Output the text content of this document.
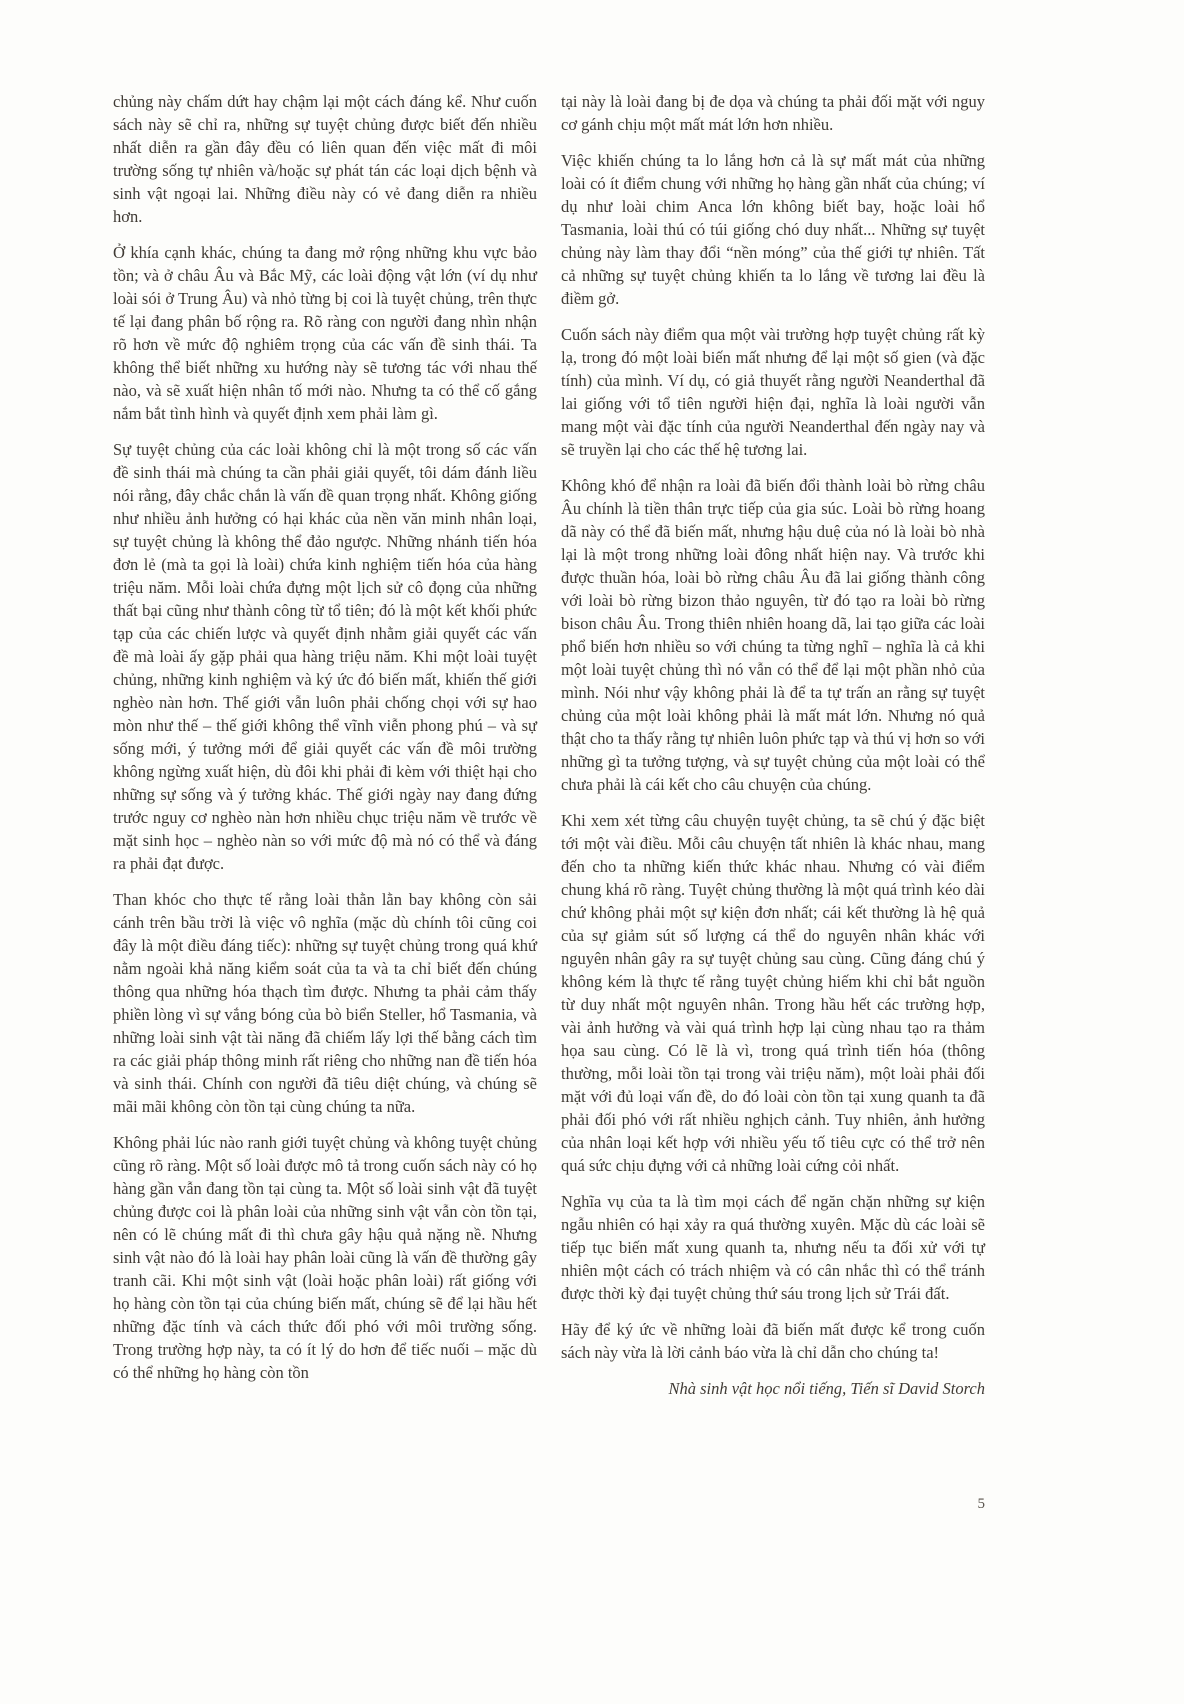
chủng này chấm dứt hay chậm lại một cách đáng kể. Như cuốn sách này sẽ chỉ ra, những sự tuyệt chủng được biết đến nhiều nhất diễn ra gần đây đều có liên quan đến việc mất đi môi trường sống tự nhiên và/hoặc sự phát tán các loại dịch bệnh và sinh vật ngoại lai. Những điều này có vẻ đang diễn ra nhiều hơn.

Ở khía cạnh khác, chúng ta đang mở rộng những khu vực bảo tồn; và ở châu Âu và Bắc Mỹ, các loài động vật lớn (ví dụ như loài sói ở Trung Âu) và nhỏ từng bị coi là tuyệt chủng, trên thực tế lại đang phân bố rộng ra. Rõ ràng con người đang nhìn nhận rõ hơn về mức độ nghiêm trọng của các vấn đề sinh thái. Ta không thể biết những xu hướng này sẽ tương tác với nhau thế nào, và sẽ xuất hiện nhân tố mới nào. Nhưng ta có thể cố gắng nắm bắt tình hình và quyết định xem phải làm gì.

Sự tuyệt chủng của các loài không chỉ là một trong số các vấn đề sinh thái mà chúng ta cần phải giải quyết, tôi dám đánh liều nói rằng, đây chắc chắn là vấn đề quan trọng nhất. Không giống như nhiều ảnh hưởng có hại khác của nền văn minh nhân loại, sự tuyệt chủng là không thể đảo ngược. Những nhánh tiến hóa đơn lẻ (mà ta gọi là loài) chứa kinh nghiệm tiến hóa của hàng triệu năm. Mỗi loài chứa đựng một lịch sử cô đọng của những thất bại cũng như thành công từ tổ tiên; đó là một kết khối phức tạp của các chiến lược và quyết định nhằm giải quyết các vấn đề mà loài ấy gặp phải qua hàng triệu năm. Khi một loài tuyệt chủng, những kinh nghiệm và ký ức đó biến mất, khiến thế giới nghèo nàn hơn. Thế giới vẫn luôn phải chống chọi với sự hao mòn như thế – thế giới không thể vĩnh viễn phong phú – và sự sống mới, ý tưởng mới để giải quyết các vấn đề môi trường không ngừng xuất hiện, dù đôi khi phải đi kèm với thiệt hại cho những sự sống và ý tưởng khác. Thế giới ngày nay đang đứng trước nguy cơ nghèo nàn hơn nhiều chục triệu năm về trước về mặt sinh học – nghèo nàn so với mức độ mà nó có thể và đáng ra phải đạt được.

Than khóc cho thực tế rằng loài thằn lằn bay không còn sải cánh trên bầu trời là việc vô nghĩa (mặc dù chính tôi cũng coi đây là một điều đáng tiếc): những sự tuyệt chủng trong quá khứ nằm ngoài khả năng kiểm soát của ta và ta chỉ biết đến chúng thông qua những hóa thạch tìm được. Nhưng ta phải cảm thấy phiền lòng vì sự vắng bóng của bò biển Steller, hổ Tasmania, và những loài sinh vật tài năng đã chiếm lấy lợi thế bằng cách tìm ra các giải pháp thông minh rất riêng cho những nan đề tiến hóa và sinh thái. Chính con người đã tiêu diệt chúng, và chúng sẽ mãi mãi không còn tồn tại cùng chúng ta nữa.

Không phải lúc nào ranh giới tuyệt chủng và không tuyệt chủng cũng rõ ràng. Một số loài được mô tả trong cuốn sách này có họ hàng gần vẫn đang tồn tại cùng ta. Một số loài sinh vật đã tuyệt chủng được coi là phân loài của những sinh vật vẫn còn tồn tại, nên có lẽ chúng mất đi thì chưa gây hậu quả nặng nề. Nhưng sinh vật nào đó là loài hay phân loài cũng là vấn đề thường gây tranh cãi. Khi một sinh vật (loài hoặc phân loài) rất giống với họ hàng còn tồn tại của chúng biến mất, chúng sẽ để lại hầu hết những đặc tính và cách thức đối phó với môi trường sống. Trong trường hợp này, ta có ít lý do hơn để tiếc nuối – mặc dù có thể những họ hàng còn tồn

tại này là loài đang bị đe dọa và chúng ta phải đối mặt với nguy cơ gánh chịu một mất mát lớn hơn nhiều.

Việc khiến chúng ta lo lắng hơn cả là sự mất mát của những loài có ít điểm chung với những họ hàng gần nhất của chúng; ví dụ như loài chim Anca lớn không biết bay, hoặc loài hổ Tasmania, loài thú có túi giống chó duy nhất... Những sự tuyệt chủng này làm thay đổi “nền móng” của thế giới tự nhiên. Tất cả những sự tuyệt chủng khiến ta lo lắng về tương lai đều là điềm gở.

Cuốn sách này điểm qua một vài trường hợp tuyệt chủng rất kỳ lạ, trong đó một loài biến mất nhưng để lại một số gien (và đặc tính) của mình. Ví dụ, có giả thuyết rằng người Neanderthal đã lai giống với tổ tiên người hiện đại, nghĩa là loài người vẫn mang một vài đặc tính của người Neanderthal đến ngày nay và sẽ truyền lại cho các thế hệ tương lai.

Không khó để nhận ra loài đã biến đổi thành loài bò rừng châu Âu chính là tiền thân trực tiếp của gia súc. Loài bò rừng hoang dã này có thể đã biến mất, nhưng hậu duệ của nó là loài bò nhà lại là một trong những loài đông nhất hiện nay. Và trước khi được thuần hóa, loài bò rừng châu Âu đã lai giống thành công với loài bò rừng bizon thảo nguyên, từ đó tạo ra loài bò rừng bison châu Âu. Trong thiên nhiên hoang dã, lai tạo giữa các loài phổ biến hơn nhiều so với chúng ta từng nghĩ – nghĩa là cả khi một loài tuyệt chủng thì nó vẫn có thể để lại một phần nhỏ của mình. Nói như vậy không phải là để ta tự trấn an rằng sự tuyệt chủng của một loài không phải là mất mát lớn. Nhưng nó quả thật cho ta thấy rằng tự nhiên luôn phức tạp và thú vị hơn so với những gì ta tưởng tượng, và sự tuyệt chủng của một loài có thể chưa phải là cái kết cho câu chuyện của chúng.

Khi xem xét từng câu chuyện tuyệt chủng, ta sẽ chú ý đặc biệt tới một vài điều. Mỗi câu chuyện tất nhiên là khác nhau, mang đến cho ta những kiến thức khác nhau. Nhưng có vài điểm chung khá rõ ràng. Tuyệt chủng thường là một quá trình kéo dài chứ không phải một sự kiện đơn nhất; cái kết thường là hệ quả của sự giảm sút số lượng cá thể do nguyên nhân khác với nguyên nhân gây ra sự tuyệt chủng sau cùng. Cũng đáng chú ý không kém là thực tế rằng tuyệt chủng hiếm khi chỉ bắt nguồn từ duy nhất một nguyên nhân. Trong hầu hết các trường hợp, vài ảnh hưởng và vài quá trình hợp lại cùng nhau tạo ra thảm họa sau cùng. Có lẽ là vì, trong quá trình tiến hóa (thông thường, mỗi loài tồn tại trong vài triệu năm), một loài phải đối mặt với đủ loại vấn đề, do đó loài còn tồn tại xung quanh ta đã phải đối phó với rất nhiều nghịch cảnh. Tuy nhiên, ảnh hưởng của nhân loại kết hợp với nhiều yếu tố tiêu cực có thể trở nên quá sức chịu đựng với cả những loài cứng cỏi nhất.

Nghĩa vụ của ta là tìm mọi cách để ngăn chặn những sự kiện ngẫu nhiên có hại xảy ra quá thường xuyên. Mặc dù các loài sẽ tiếp tục biến mất xung quanh ta, nhưng nếu ta đối xử với tự nhiên một cách có trách nhiệm và có cân nhắc thì có thể tránh được thời kỳ đại tuyệt chủng thứ sáu trong lịch sử Trái đất.

Hãy để ký ức về những loài đã biến mất được kể trong cuốn sách này vừa là lời cảnh báo vừa là chỉ dẫn cho chúng ta!

Nhà sinh vật học nổi tiếng, Tiến sĩ David Storch

5
